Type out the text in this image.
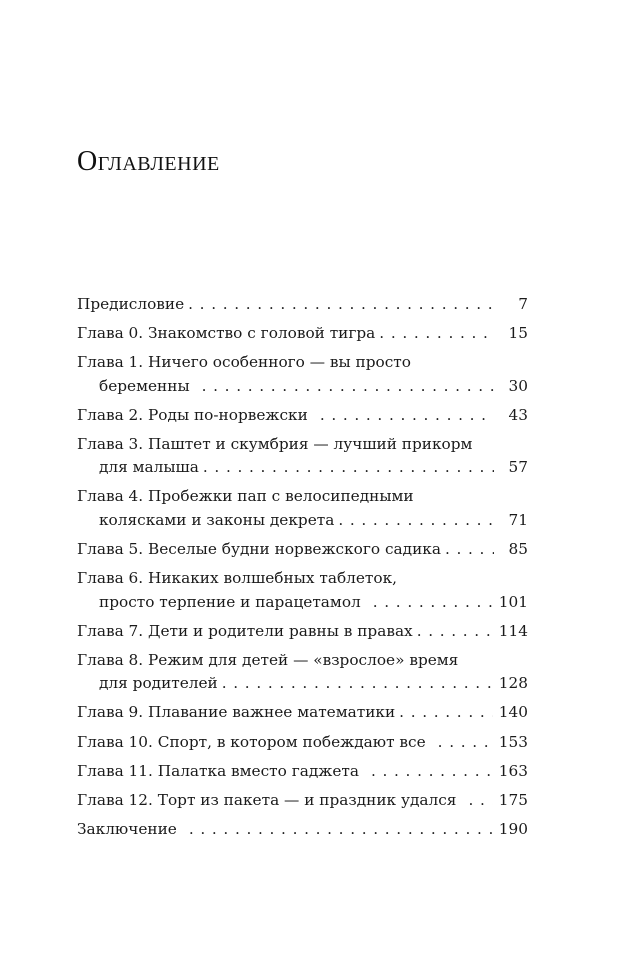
Оглавление
Предисловие . . .	7
Глава 0. Знакомство с головой тигра . . .	15
Глава 1. Ничего особенного — вы просто
беременны . . .	30
Глава 2. Роды по-норвежски . . .	43
Глава 3. Паштет и скумбрия — лучший прикорм
для малыша . . .	57
Глава 4. Пробежки пап с велосипедными
колясками и законы декрета . . .	71
Глава 5. Веселые будни норвежского садика . . .	85
Глава 6. Никаких волшебных таблеток,
просто терпение и парацетамол . . .	101
Глава 7. Дети и родители равны в правах . . .	114
Глава 8. Режим для детей — «взрослое» время
для родителей . . .	128
Глава 9. Плавание важнее математики . . .	140
Глава 10. Спорт, в котором побеждают все . . .	153
Глава 11. Палатка вместо гаджета . . .	163
Глава 12. Торт из пакета — и праздник удался . . .	175
Заключение . . .	190
